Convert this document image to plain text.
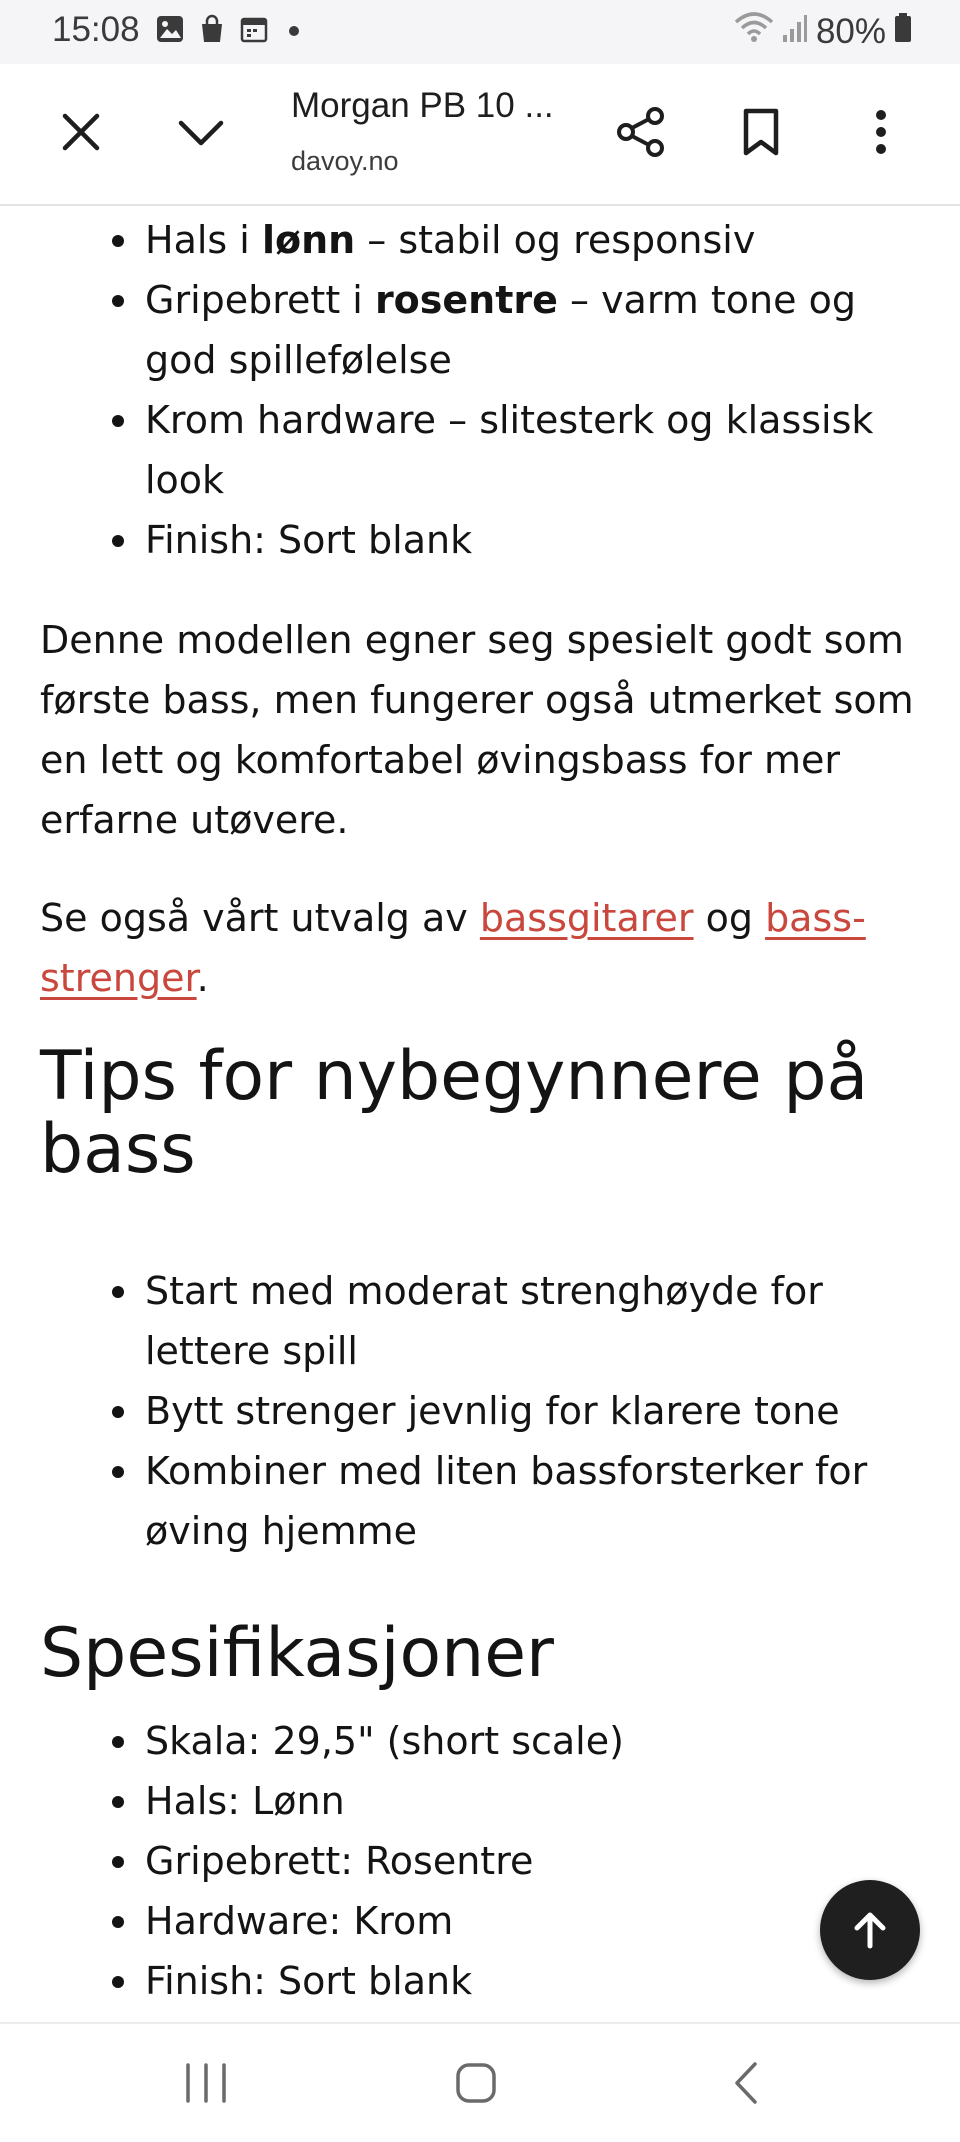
15:08	80%
Morgan PB 10 ...
davoy.no
Hals i lønn – stabil og responsiv
Gripebrett i rosentre – varm tone og god spillefølelse
Krom hardware – slitesterk og klassisk look
Finish: Sort blank

Denne modellen egner seg spesielt godt som første bass, men fungerer også utmerket som en lett og komfortabel øvingsbass for mer erfarne utøvere.

Se også vårt utvalg av bassgitarer og bass-strenger.

Tips for nybegynnere på bass
Start med moderat strenghøyde for lettere spill
Bytt strenger jevnlig for klarere tone
Kombiner med liten bassforsterker for øving hjemme
Spesifikasjoner
Skala: 29,5" (short scale)
Hals: Lønn
Gripebrett: Rosentre
Hardware: Krom
Finish: Sort blank
